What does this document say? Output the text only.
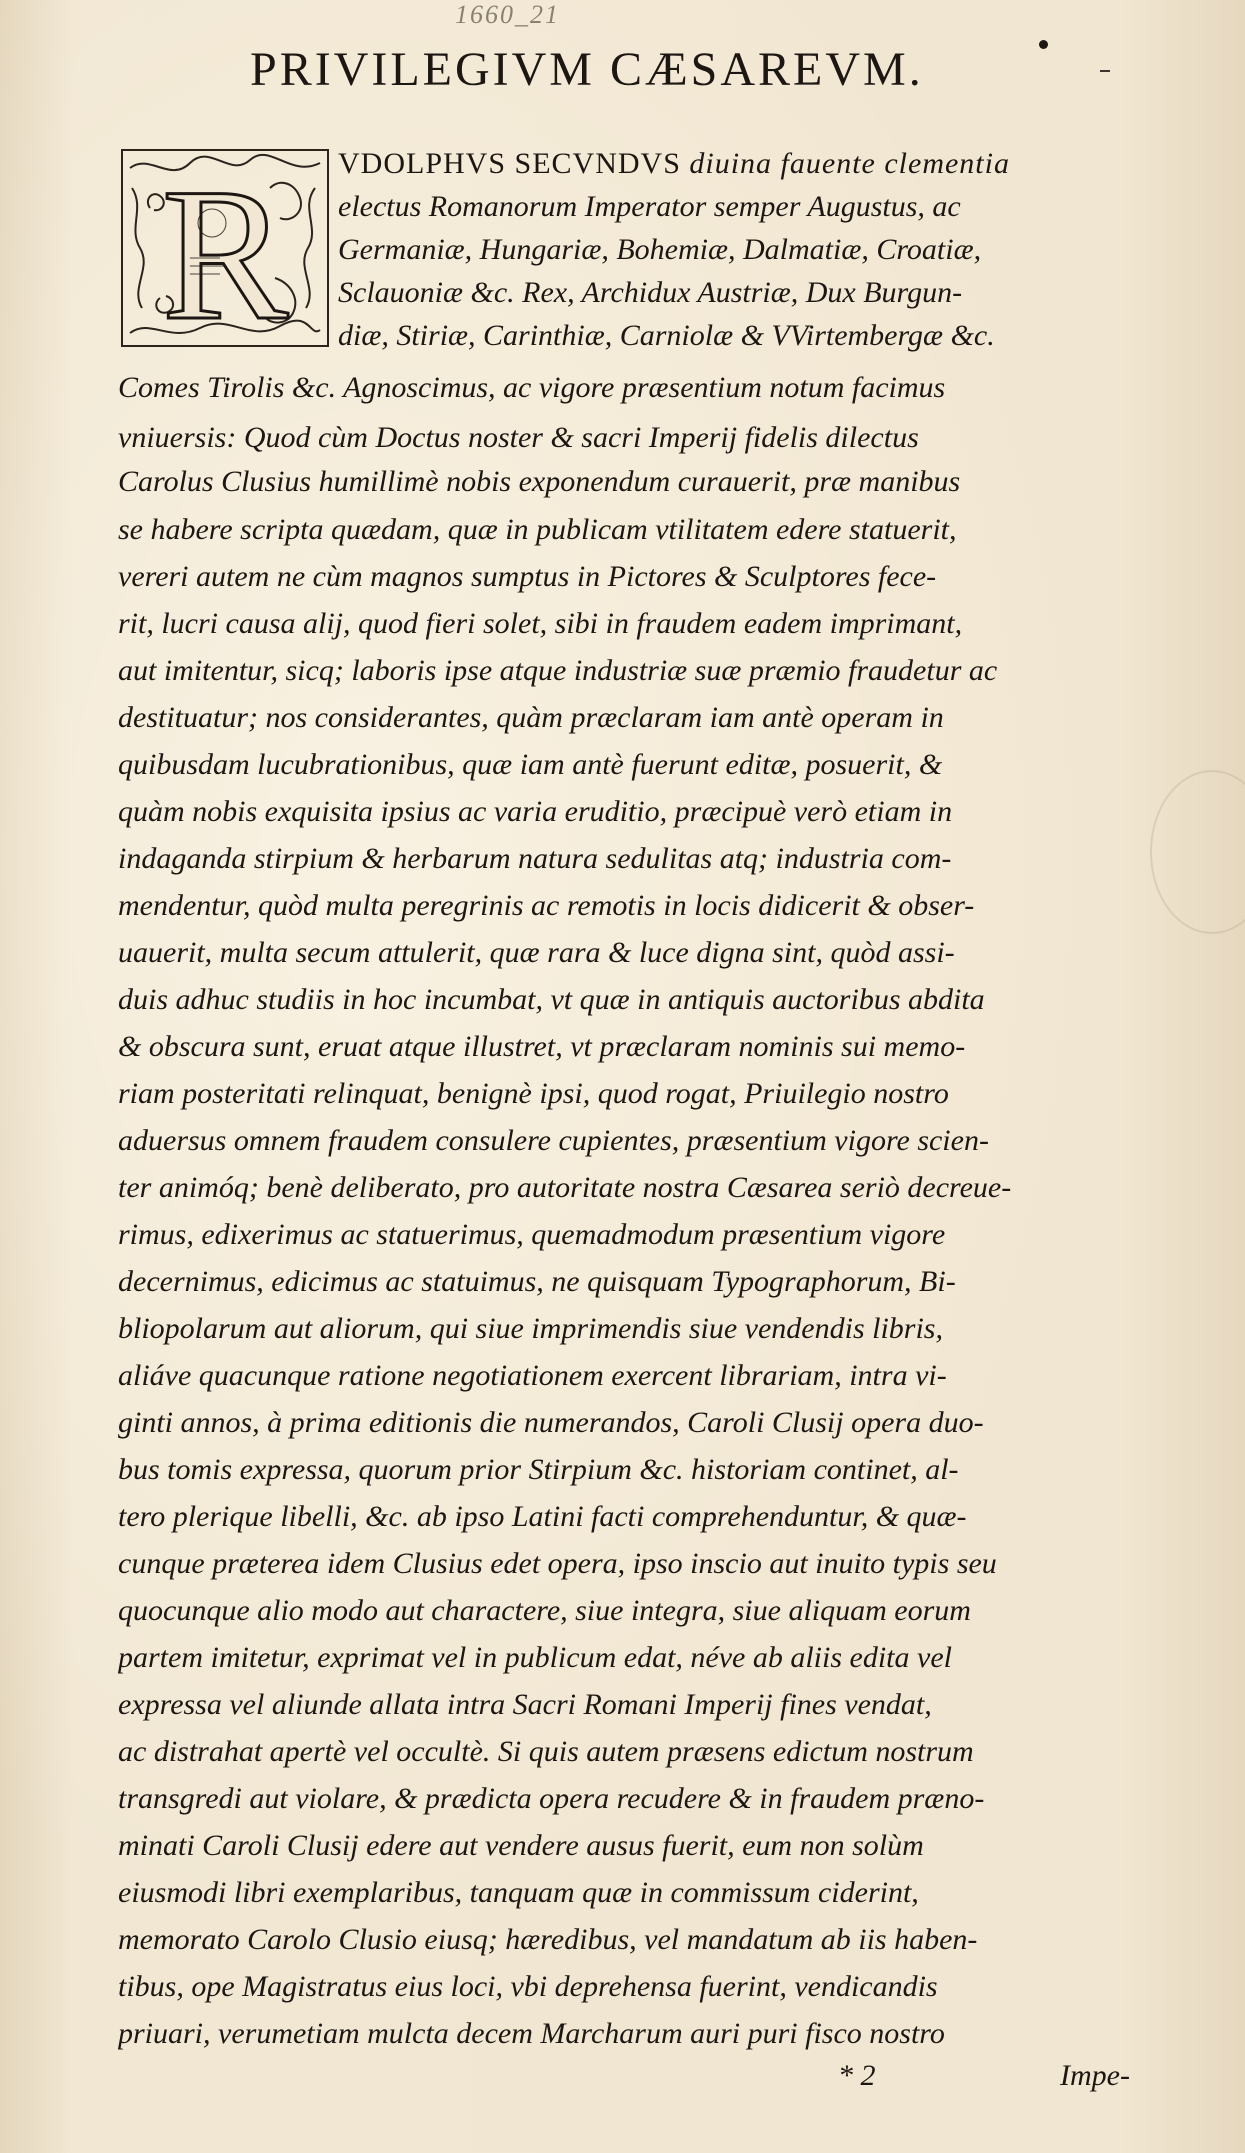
1660_21
PRIVILEGIVM CÆSAREVM.
R VDOLPHVS SECVNDVS diuina fauente clementia
electus Romanorum Imperator semper Augustus, ac
Germaniæ, Hungariæ, Bohemiæ, Dalmatiæ, Croatiæ,
Sclauoniæ &c. Rex, Archidux Austriæ, Dux Burgun-
diæ, Stiriæ, Carinthiæ, Carniolæ & VVirtembergæ &c.
Comes Tirolis &c. Agnoscimus, ac vigore præsentium notum facimus
vniuersis: Quod cùm Doctus noster & sacri Imperij fidelis dilectus
Carolus Clusius humillimè nobis exponendum curauerit, præ manibus
se habere scripta quædam, quæ in publicam vtilitatem edere statuerit,
vereri autem ne cùm magnos sumptus in Pictores & Sculptores fece-
rit, lucri causa alij, quod fieri solet, sibi in fraudem eadem imprimant,
aut imitentur, sicq; laboris ipse atque industriæ suæ præmio fraudetur ac
destituatur; nos considerantes, quàm præclaram iam antè operam in
quibusdam lucubrationibus, quæ iam antè fuerunt editæ, posuerit, &
quàm nobis exquisita ipsius ac varia eruditio, præcipuè verò etiam in
indaganda stirpium & herbarum natura sedulitas atq; industria com-
mendentur, quòd multa peregrinis ac remotis in locis didicerit & obser-
uauerit, multa secum attulerit, quæ rara & luce digna sint, quòd assi-
duis adhuc studiis in hoc incumbat, vt quæ in antiquis auctoribus abdita
& obscura sunt, eruat atque illustret, vt præclaram nominis sui memo-
riam posteritati relinquat, benignè ipsi, quod rogat, Priuilegio nostro
aduersus omnem fraudem consulere cupientes, præsentium vigore scien-
ter animóq; benè deliberato, pro autoritate nostra Cæsarea seriò decreue-
rimus, edixerimus ac statuerimus, quemadmodum præsentium vigore
decernimus, edicimus ac statuimus, ne quisquam Typographorum, Bi-
bliopolarum aut aliorum, qui siue imprimendis siue vendendis libris,
aliáve quacunque ratione negotiationem exercent librariam, intra vi-
ginti annos, à prima editionis die numerandos, Caroli Clusij opera duo-
bus tomis expressa, quorum prior Stirpium &c. historiam continet, al-
tero plerique libelli, &c. ab ipso Latini facti comprehenduntur, & quæ-
cunque præterea idem Clusius edet opera, ipso inscio aut inuito typis seu
quocunque alio modo aut charactere, siue integra, siue aliquam eorum
partem imitetur, exprimat vel in publicum edat, néve ab aliis edita vel
expressa vel aliunde allata intra Sacri Romani Imperij fines vendat,
ac distrahat apertè vel occultè. Si quis autem præsens edictum nostrum
transgredi aut violare, & prædicta opera recudere & in fraudem præno-
minati Caroli Clusij edere aut vendere ausus fuerit, eum non solùm
eiusmodi libri exemplaribus, tanquam quæ in commissum ciderint,
memorato Carolo Clusio eiusq; hæredibus, vel mandatum ab iis haben-
tibus, ope Magistratus eius loci, vbi deprehensa fuerint, vendicandis
priuari, verumetiam mulcta decem Marcharum auri puri fisco nostro
* 2	Impe-
